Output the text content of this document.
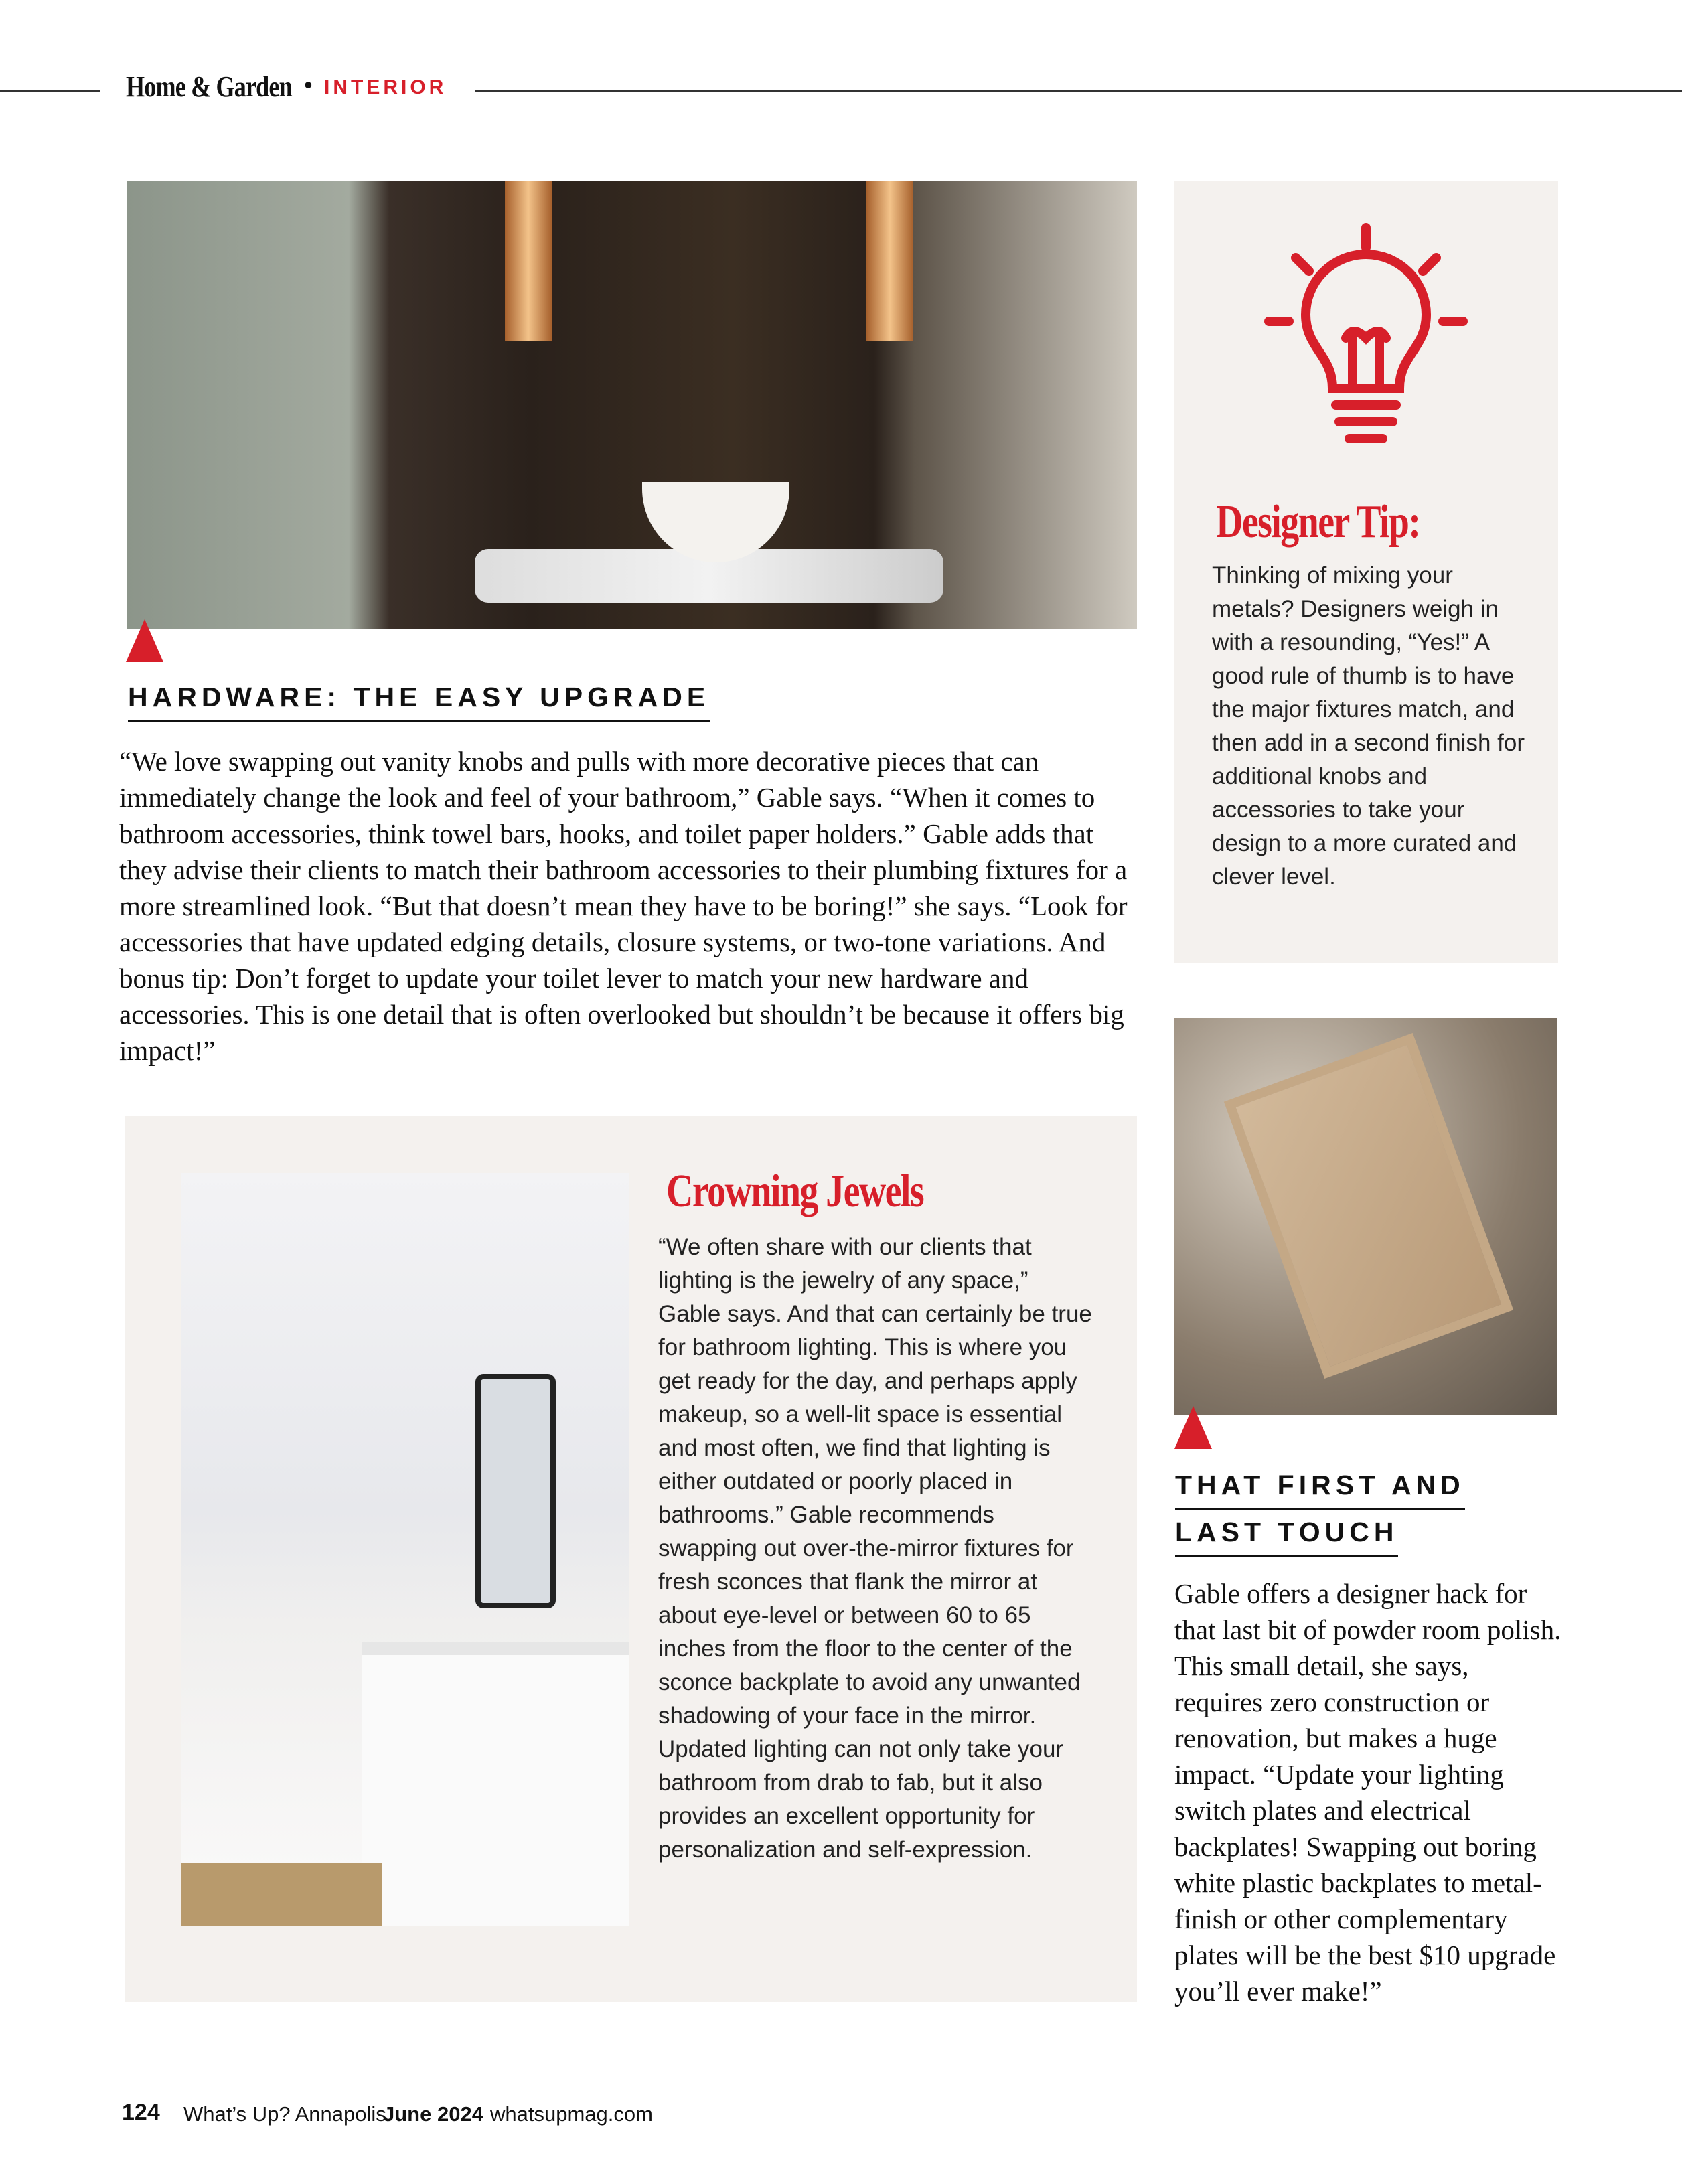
Home & Garden • INTERIOR
HARDWARE: THE EASY UPGRADE
“We love swapping out vanity knobs and pulls with more decorative pieces that can immediately change the look and feel of your bathroom,” Gable says. “When it comes to bathroom accessories, think towel bars, hooks, and toilet paper holders.” Gable adds that they advise their clients to match their bathroom accessories to their plumbing fixtures for a more streamlined look. “But that doesn’t mean they have to be boring!” she says. “Look for accessories that have updated edging details, closure systems, or two-tone variations. And bonus tip: Don’t forget to update your toilet lever to match your new hardware and accessories. This is one detail that is often overlooked but shouldn’t be because it offers big impact!”
Designer Tip:
Thinking of mixing your metals? Designers weigh in with a resounding, “Yes!” A good rule of thumb is to have the major fixtures match, and then add in a second finish for additional knobs and accessories to take your design to a more curated and clever level.
Crowning Jewels
“We often share with our clients that lighting is the jewelry of any space,” Gable says. And that can certainly be true for bathroom lighting. This is where you get ready for the day, and perhaps apply makeup, so a well-lit space is essential and most often, we find that lighting is either outdated or poorly placed in bathrooms.” Gable recommends swapping out over-the-mirror fixtures for fresh sconces that flank the mirror at about eye-level or between 60 to 65 inches from the floor to the center of the sconce backplate to avoid any unwanted shadowing of your face in the mirror. Updated lighting can not only take your bathroom from drab to fab, but it also provides an excellent opportunity for personalization and self-expression.
THAT FIRST AND
LAST TOUCH
Gable offers a designer hack for that last bit of powder room polish. This small detail, she says, requires zero construction or renovation, but makes a huge impact. “Update your lighting switch plates and electrical backplates! Swapping out boring white plastic backplates to metal-finish or other complementary plates will be the best $10 upgrade you’ll ever make!”
124 What’s Up? Annapolis
June 2024 whatsupmag.com
